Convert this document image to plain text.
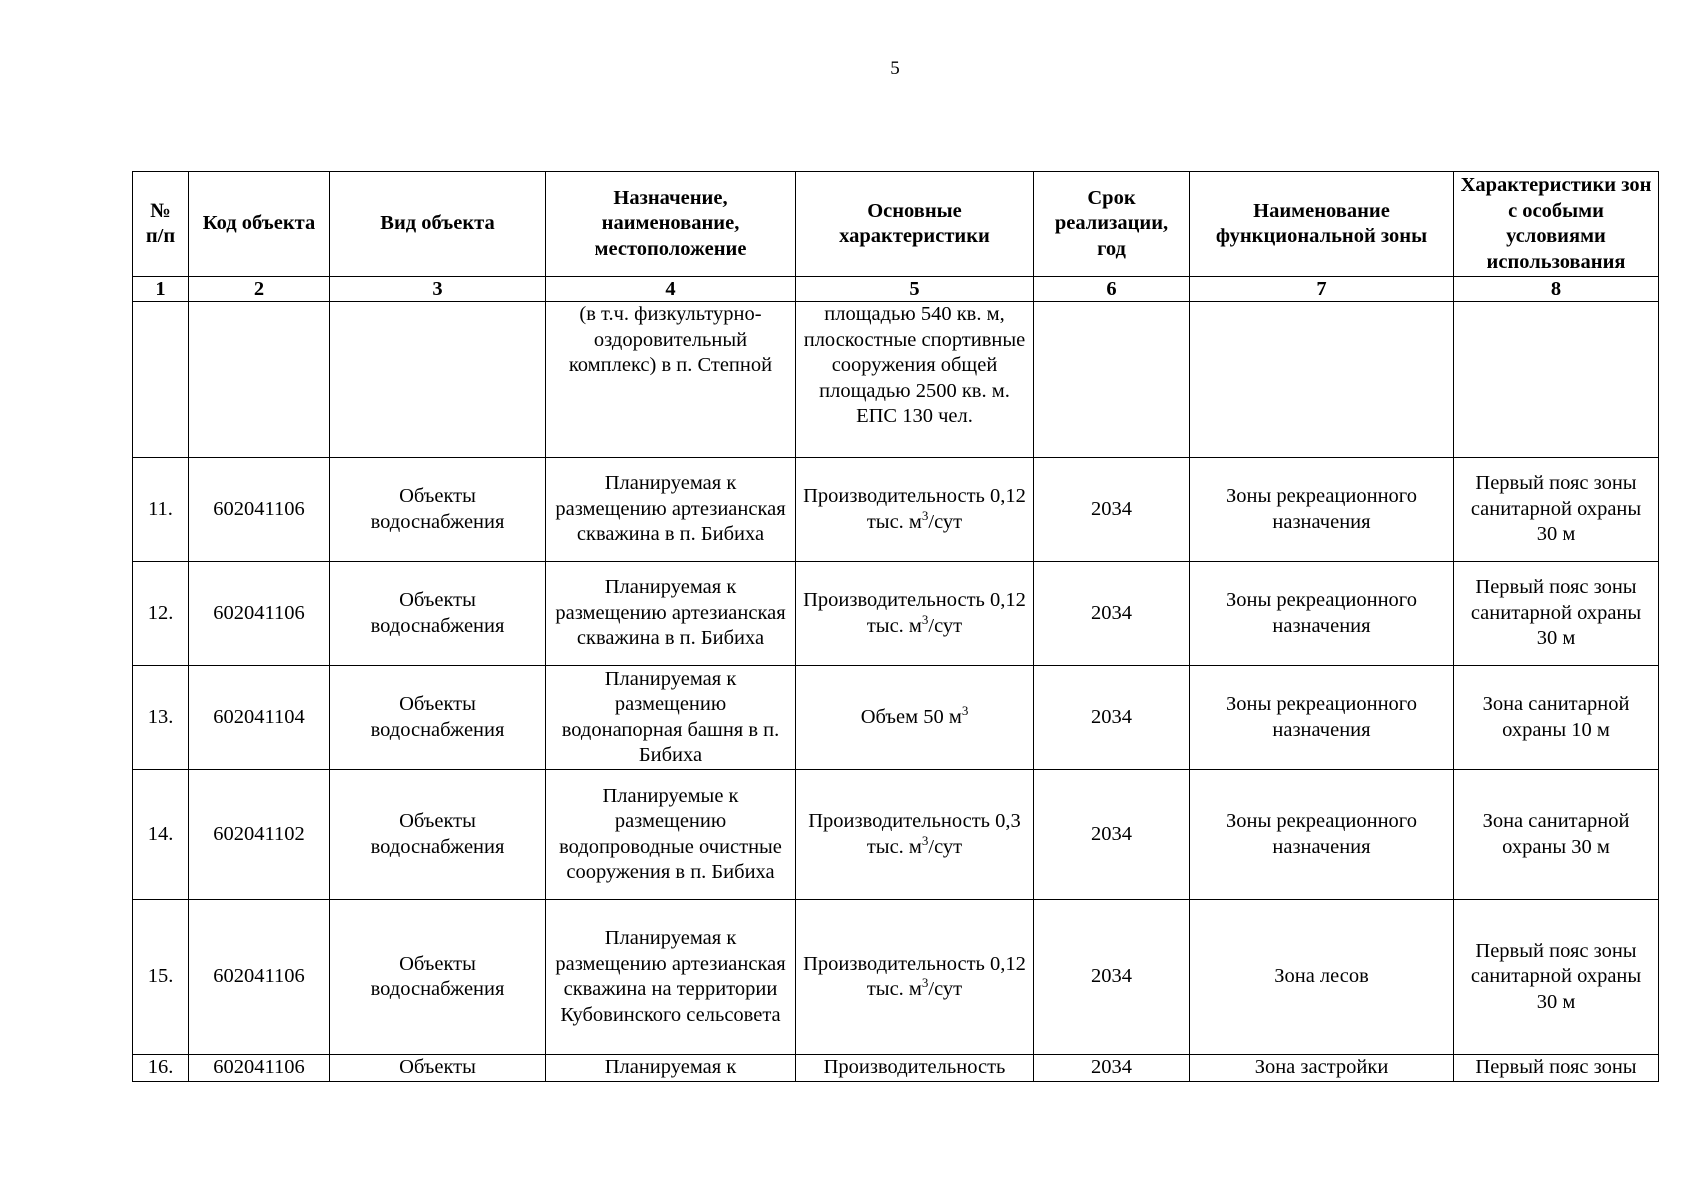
5
№ п/п	Код объекта	Вид объекта	Назначение, наименование, местоположение	Основные характеристики	Срок реализации, год	Наименование функциональной зоны	Характеристики зон с особыми условиями использования
1	2	3	4	5	6	7	8
			(в т.ч. физкультурно-оздоровительный комплекс) в п. Степной	площадью 540 кв. м, плоскостные спортивные сооружения общей площадью 2500 кв. м. ЕПС 130 чел.			
11.	602041106	Объекты водоснабжения	Планируемая к размещению артезианская скважина в п. Бибиха	Производительность 0,12 тыс. $м^3$/сут	2034	Зоны рекреационного назначения	Первый пояс зоны санитарной охраны 30 м
12.	602041106	Объекты водоснабжения	Планируемая к размещению артезианская скважина в п. Бибиха	Производительность 0,12 тыс. $м^3$/сут	2034	Зоны рекреационного назначения	Первый пояс зоны санитарной охраны 30 м
13.	602041104	Объекты водоснабжения	Планируемая к размещению водонапорная башня в п. Бибиха	Объем 50 $м^3$	2034	Зоны рекреационного назначения	Зона санитарной охраны 10 м
14.	602041102	Объекты водоснабжения	Планируемые к размещению водопроводные очистные сооружения в п. Бибиха	Производительность 0,3 тыс. $м^3$/сут	2034	Зоны рекреационного назначения	Зона санитарной охраны 30 м
15.	602041106	Объекты водоснабжения	Планируемая к размещению артезианская скважина на территории Кубовинского сельсовета	Производительность 0,12 тыс. $м^3$/сут	2034	Зона лесов	Первый пояс зоны санитарной охраны 30 м
16.	602041106	Объекты	Планируемая к	Производительность	2034	Зона застройки	Первый пояс зоны
